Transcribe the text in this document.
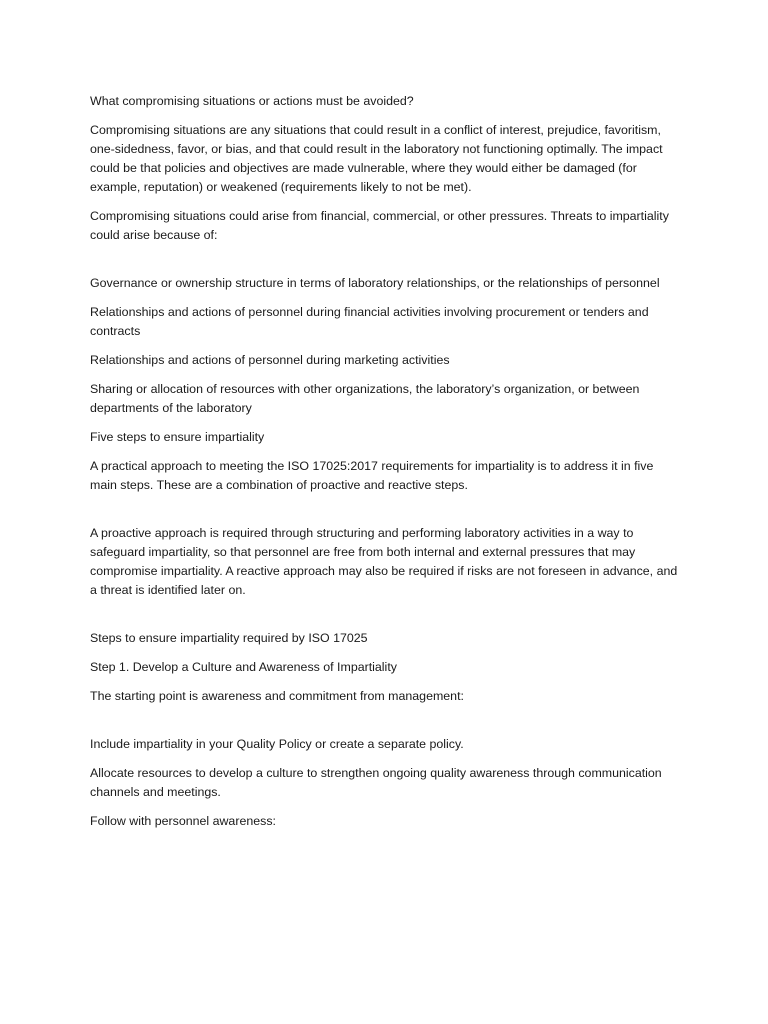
What compromising situations or actions must be avoided?

Compromising situations are any situations that could result in a conflict of interest, prejudice, favoritism, one-sidedness, favor, or bias, and that could result in the laboratory not functioning optimally. The impact could be that policies and objectives are made vulnerable, where they would either be damaged (for example, reputation) or weakened (requirements likely to not be met).

Compromising situations could arise from financial, commercial, or other pressures. Threats to impartiality could arise because of:

Governance or ownership structure in terms of laboratory relationships, or the relationships of personnel

Relationships and actions of personnel during financial activities involving procurement or tenders and contracts

Relationships and actions of personnel during marketing activities

Sharing or allocation of resources with other organizations, the laboratory’s organization, or between departments of the laboratory

Five steps to ensure impartiality

A practical approach to meeting the ISO 17025:2017 requirements for impartiality is to address it in five main steps. These are a combination of proactive and reactive steps.

A proactive approach is required through structuring and performing laboratory activities in a way to safeguard impartiality, so that personnel are free from both internal and external pressures that may compromise impartiality. A reactive approach may also be required if risks are not foreseen in advance, and a threat is identified later on.

Steps to ensure impartiality required by ISO 17025

Step 1. Develop a Culture and Awareness of Impartiality

The starting point is awareness and commitment from management:

Include impartiality in your Quality Policy or create a separate policy.

Allocate resources to develop a culture to strengthen ongoing quality awareness through communication channels and meetings.

Follow with personnel awareness:
